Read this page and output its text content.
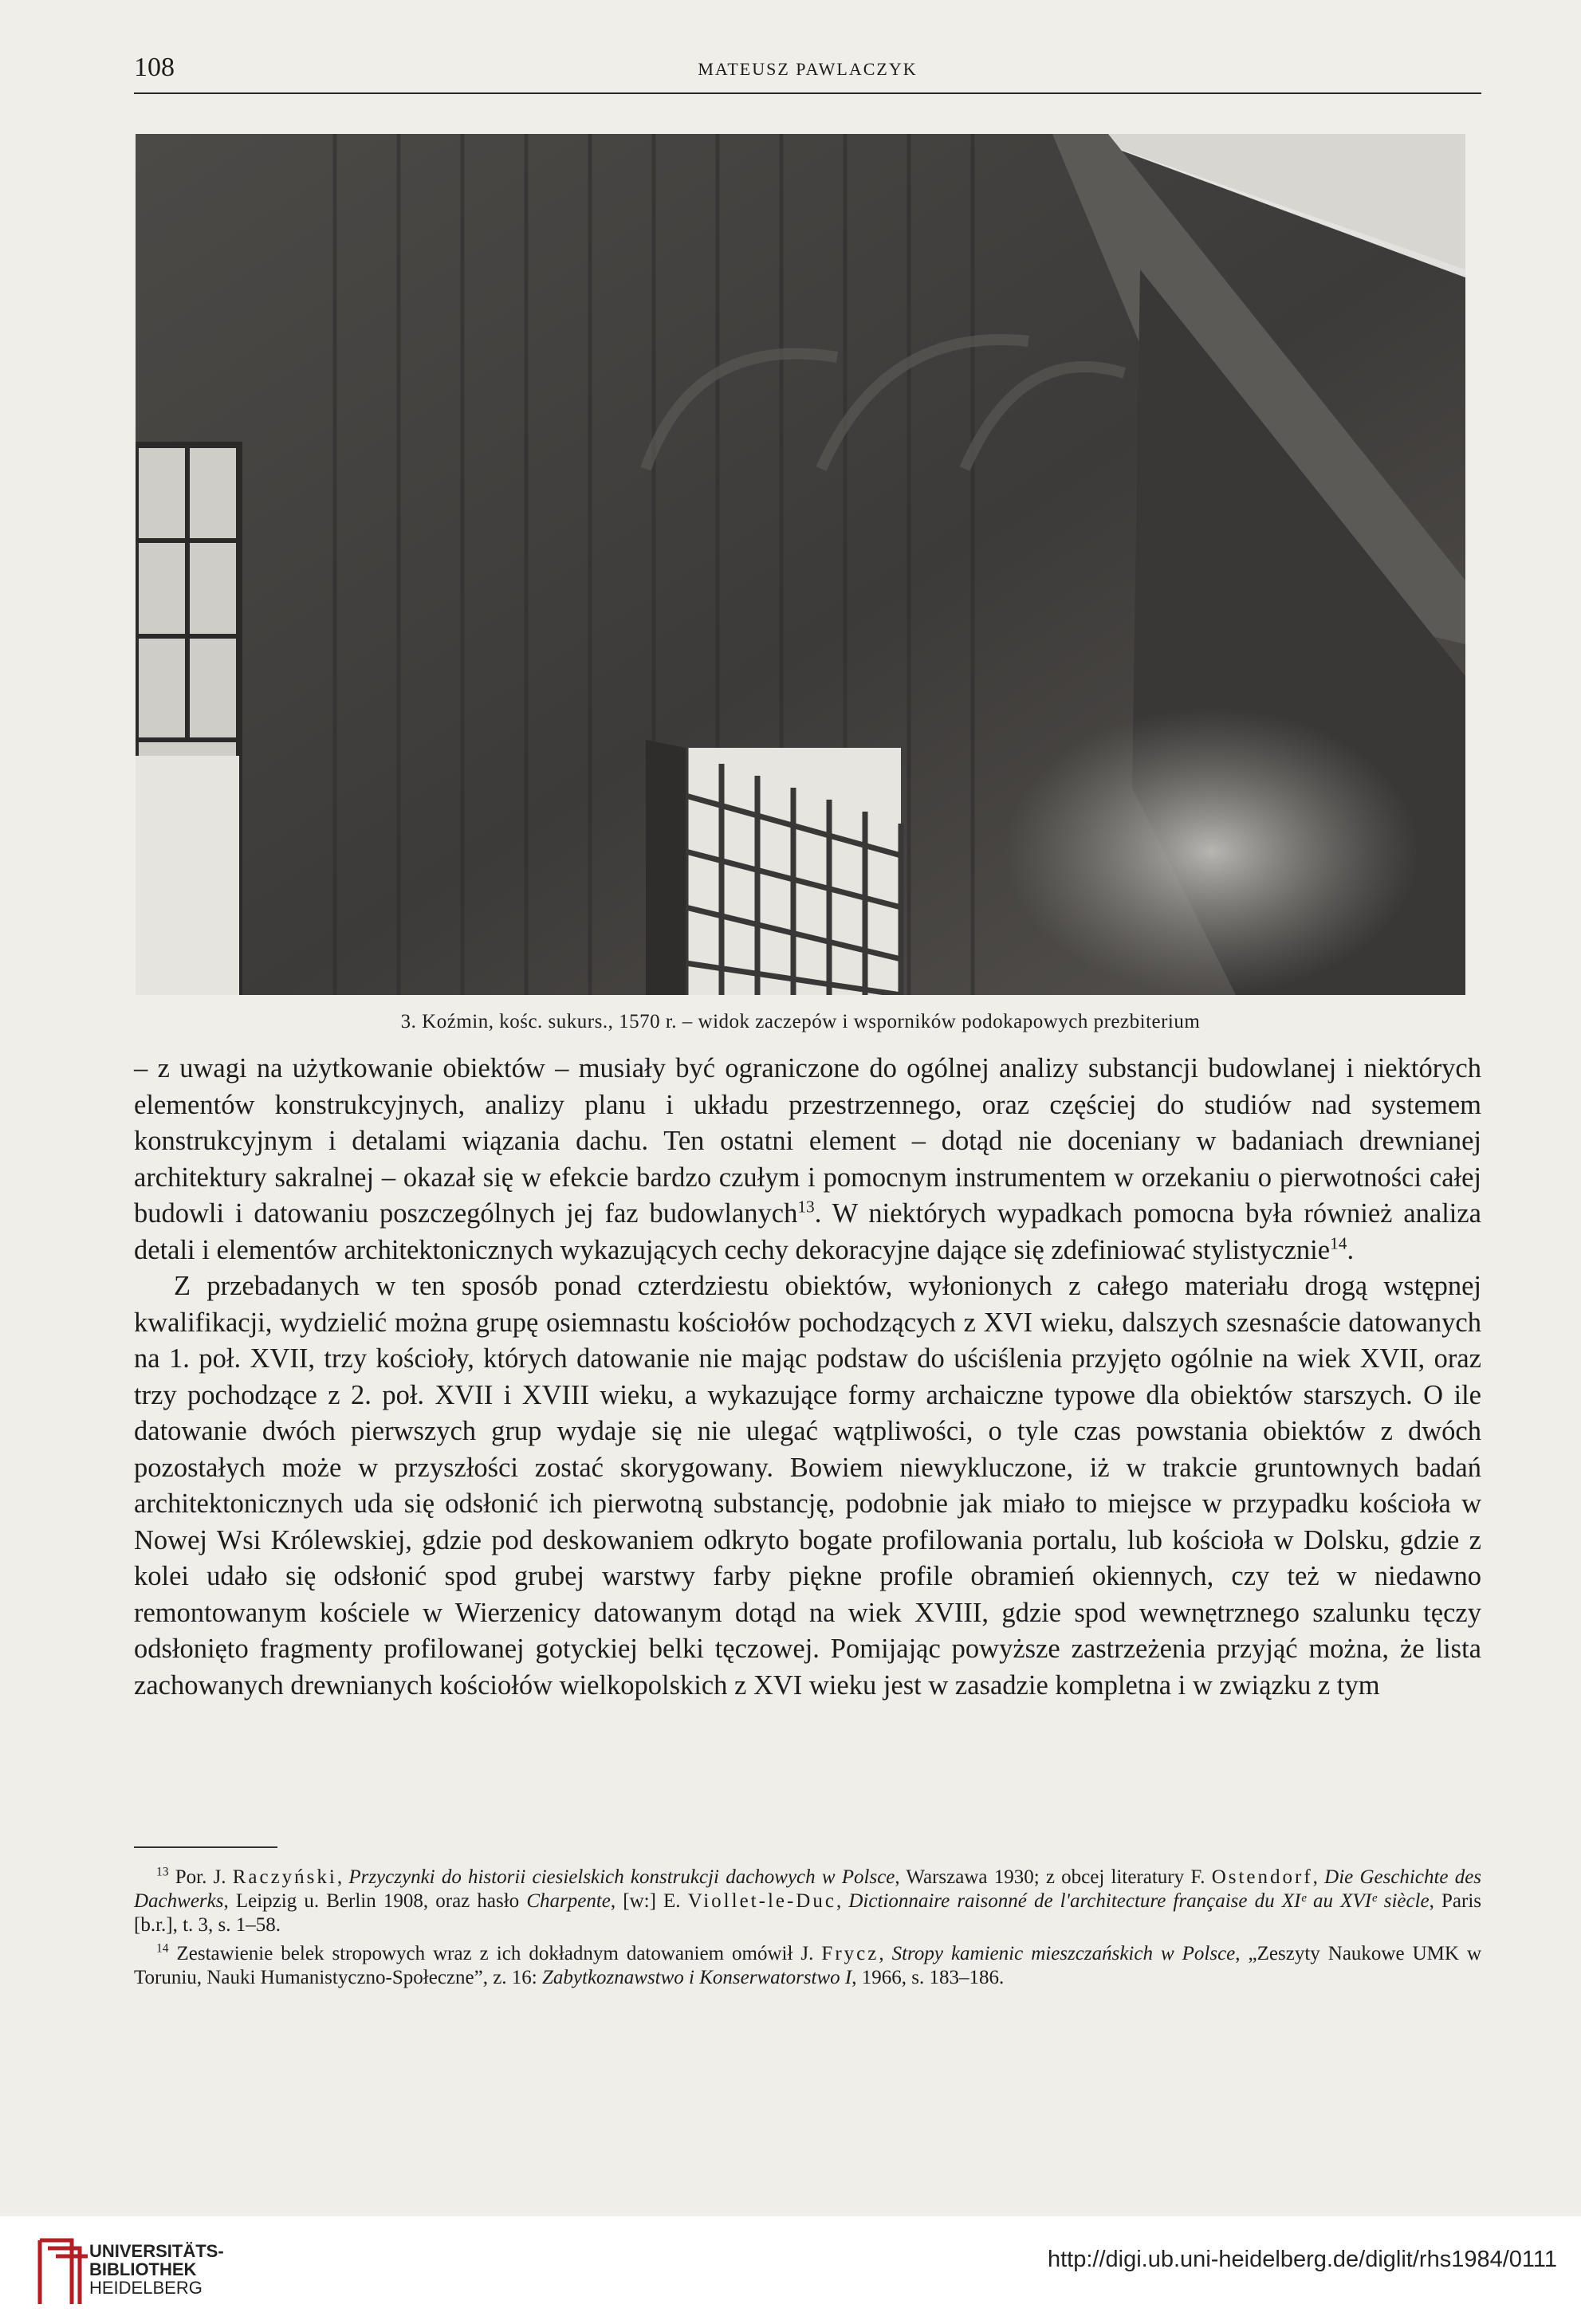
108	MATEUSZ PAWLACZYK
3. Koźmin, kośc. sukurs., 1570 r. – widok zaczepów i wsporników podokapowych prezbiterium

– z uwagi na użytkowanie obiektów – musiały być ograniczone do ogólnej analizy substancji budowlanej i niektórych elementów konstrukcyjnych, analizy planu i układu przestrzennego, oraz częściej do studiów nad systemem konstrukcyjnym i detalami wiązania dachu. Ten ostatni element – dotąd nie doceniany w badaniach drewnianej architektury sakralnej – okazał się w efekcie bardzo czułym i pomocnym instrumentem w orzekaniu o pierwotności całej budowli i datowaniu poszczególnych jej faz budowlanych$^{13}$. W niektórych wypadkach pomocna była również analiza detali i elementów architektonicznych wykazujących cechy dekoracyjne dające się zdefiniować stylistycznie$^{14}$.

Z przebadanych w ten sposób ponad czterdziestu obiektów, wyłonionych z całego materiału drogą wstępnej kwalifikacji, wydzielić można grupę osiemnastu kościołów pochodzących z XVI wieku, dalszych szesnaście datowanych na 1. poł. XVII, trzy kościoły, których datowanie nie mając podstaw do uściślenia przyjęto ogólnie na wiek XVII, oraz trzy pochodzące z 2. poł. XVII i XVIII wieku, a wykazujące formy archaiczne typowe dla obiektów starszych. O ile datowanie dwóch pierwszych grup wydaje się nie ulegać wątpliwości, o tyle czas powstania obiektów z dwóch pozostałych może w przyszłości zostać skorygowany. Bowiem niewykluczone, iż w trakcie gruntownych badań architektonicznych uda się odsłonić ich pierwotną substancję, podobnie jak miało to miejsce w przypadku kościoła w Nowej Wsi Królewskiej, gdzie pod deskowaniem odkryto bogate profilowania portalu, lub kościoła w Dolsku, gdzie z kolei udało się odsłonić spod grubej warstwy farby piękne profile obramień okiennych, czy też w niedawno remontowanym kościele w Wierzenicy datowanym dotąd na wiek XVIII, gdzie spod wewnętrznego szalunku tęczy odsłonięto fragmenty profilowanej gotyckiej belki tęczowej. Pomijając powyższe zastrzeżenia przyjąć można, że lista zachowanych drewnianych kościołów wielkopolskich z XVI wieku jest w zasadzie kompletna i w związku z tym

$^{13}$ Por. J. Raczyński, Przyczynki do historii ciesielskich konstrukcji dachowych w Polsce, Warszawa 1930; z obcej literatury F. Ostendorf, Die Geschichte des Dachwerks, Leipzig u. Berlin 1908, oraz hasło Charpente, [w:] E. Viollet-le-Duc, Dictionnaire raisonné de l'architecture française du XIᵉ au XVIᵉ siècle, Paris [b.r.], t. 3, s. 1–58.

$^{14}$ Zestawienie belek stropowych wraz z ich dokładnym datowaniem omówił J. Frycz, Stropy kamienic mieszczańskich w Polsce, „Zeszyty Naukowe UMK w Toruniu, Nauki Humanistyczno-Społeczne”, z. 16: Zabytkoznawstwo i Konserwatorstwo I, 1966, s. 183–186.

UNIVERSITÄTS-
BIBLIOTHEK
HEIDELBERG
http://digi.ub.uni-heidelberg.de/diglit/rhs1984/0111
